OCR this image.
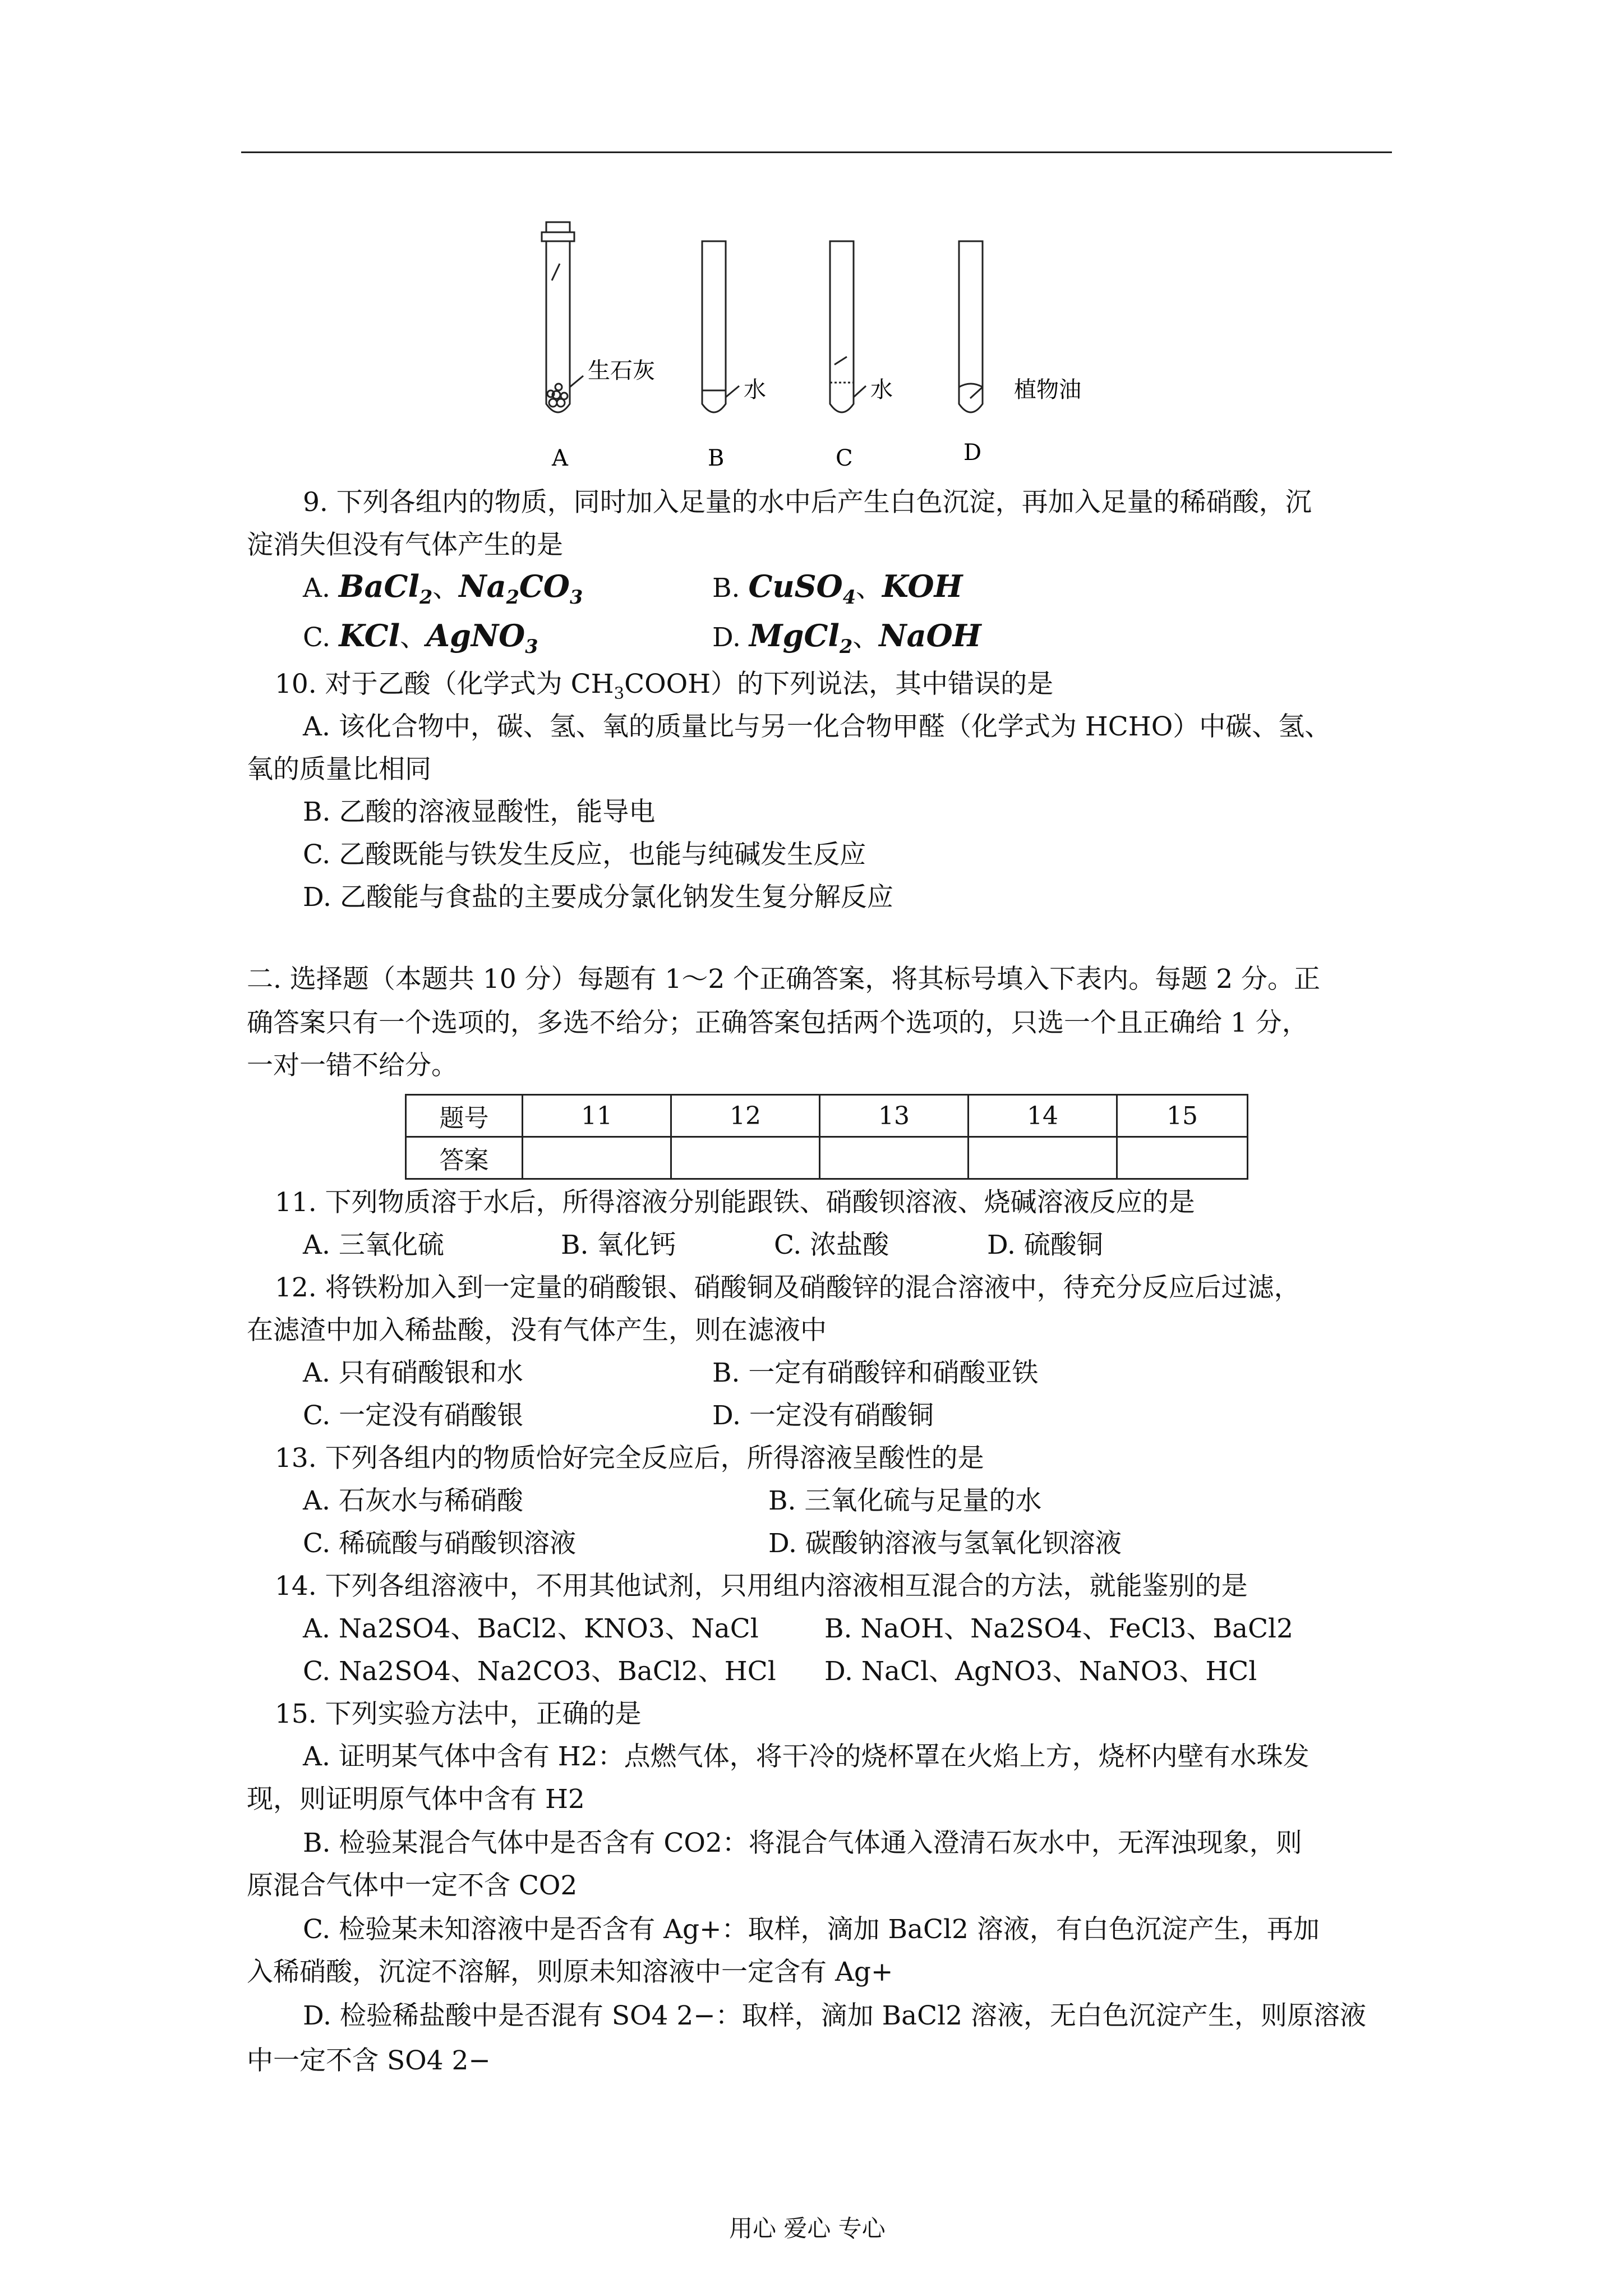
生石灰
水	水	植物油
A	B	C	D
9. 下列各组内的物质，同时加入足量的水中后产生白色沉淀，再加入足量的稀硝酸，沉
淀消失但没有气体产生的是
A. BaCl$_2$、$Na_2CO_3$	B. CuSO$_4$、KOH
C. KCl、AgNO$_3$	D. MgCl$_2$、NaOH
10. 对于乙酸（化学式为 $CH_3COOH$）的下列说法，其中错误的是
A. 该化合物中，碳、氢、氧的质量比与另一化合物甲醛（化学式为 HCHO）中碳、氢、
氧的质量比相同
B. 乙酸的溶液显酸性，能导电
C. 乙酸既能与铁发生反应，也能与纯碱发生反应
D. 乙酸能与食盐的主要成分氯化钠发生复分解反应
二. 选择题（本题共 10 分）每题有 1～2 个正确答案，将其标号填入下表内。每题 2 分。正
确答案只有一个选项的，多选不给分；正确答案包括两个选项的，只选一个且正确给 1 分，
一对一错不给分。
题号	11	12	13	14	15
答案					
11. 下列物质溶于水后，所得溶液分别能跟铁、硝酸钡溶液、烧碱溶液反应的是
A. 三氧化硫	B. 氧化钙	C. 浓盐酸	D. 硫酸铜
12. 将铁粉加入到一定量的硝酸银、硝酸铜及硝酸锌的混合溶液中，待充分反应后过滤，
在滤渣中加入稀盐酸，没有气体产生，则在滤液中
A. 只有硝酸银和水	B. 一定有硝酸锌和硝酸亚铁
C. 一定没有硝酸银	D. 一定没有硝酸铜
13. 下列各组内的物质恰好完全反应后，所得溶液呈酸性的是
A. 石灰水与稀硝酸	B. 三氧化硫与足量的水
C. 稀硫酸与硝酸钡溶液	D. 碳酸钠溶液与氢氧化钡溶液
14. 下列各组溶液中，不用其他试剂，只用组内溶液相互混合的方法，就能鉴别的是
A. Na2SO4、BaCl2、KNO3、NaCl B. NaOH、Na2SO4、FeCl3、BaCl2
C. Na2SO4、Na2CO3、BaCl2、HCl D. NaCl、AgNO3、NaNO3、HCl
15. 下列实验方法中，正确的是
A. 证明某气体中含有 H2：点燃气体，将干冷的烧杯罩在火焰上方，烧杯内壁有水珠发
现，则证明原气体中含有 H2
B. 检验某混合气体中是否含有 CO2：将混合气体通入澄清石灰水中，无浑浊现象，则
原混合气体中一定不含 CO2
C. 检验某未知溶液中是否含有 Ag+：取样，滴加 BaCl2 溶液，有白色沉淀产生，再加
入稀硝酸，沉淀不溶解，则原未知溶液中一定含有 Ag+
D. 检验稀盐酸中是否混有 SO4 2−：取样，滴加 BaCl2 溶液，无白色沉淀产生，则原溶液
中一定不含 SO4 2−
用心 爱心 专心
